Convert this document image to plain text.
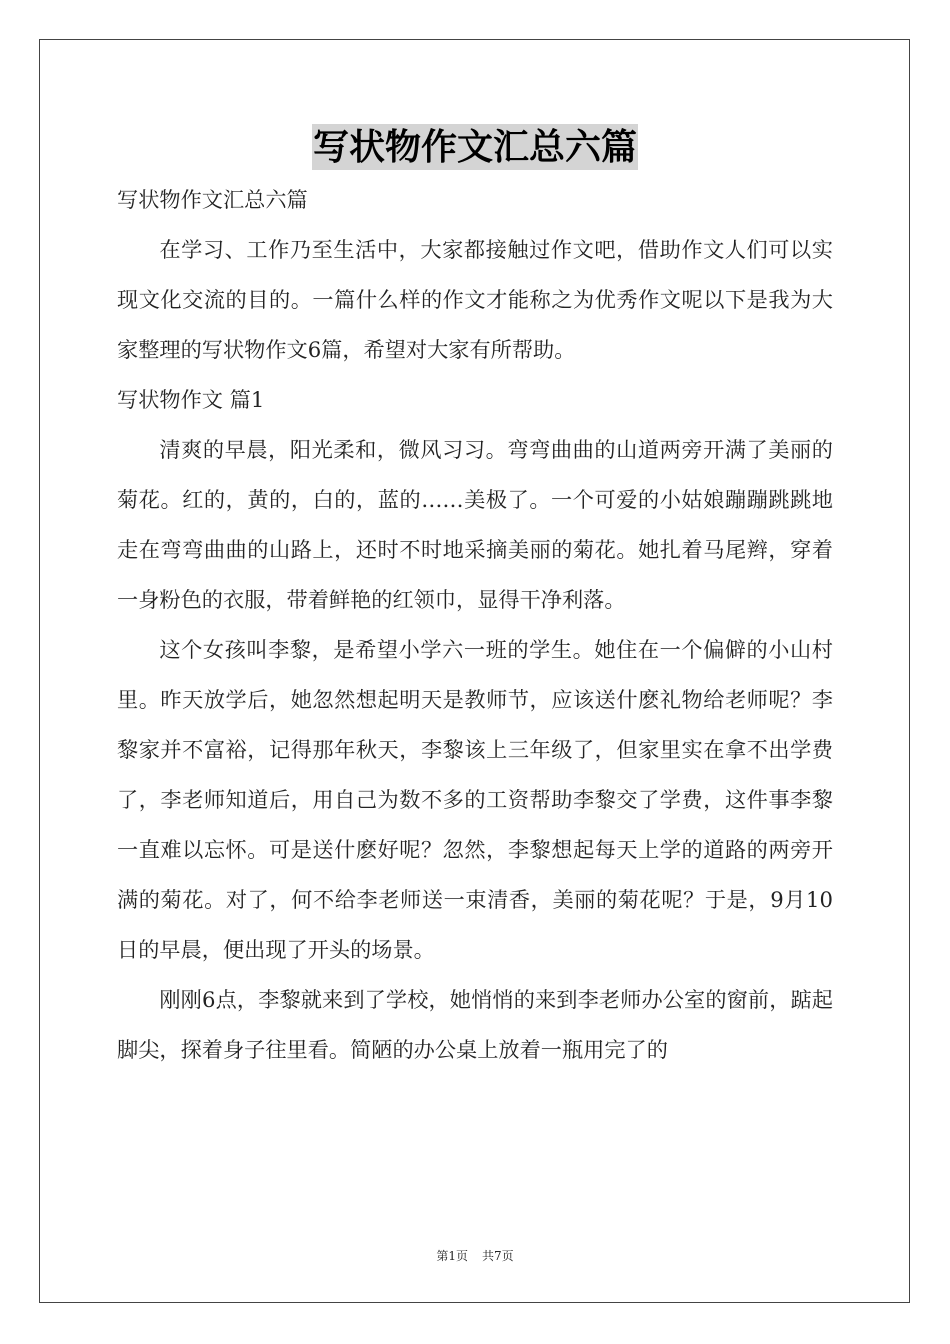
写状物作文汇总六篇

写状物作文汇总六篇

在学习、工作乃至生活中，大家都接触过作文吧，借助作文人们可以实现文化交流的目的。一篇什么样的作文才能称之为优秀作文呢以下是我为大家整理的写状物作文6篇，希望对大家有所帮助。

写状物作文 篇1

清爽的早晨，阳光柔和，微风习习。弯弯曲曲的山道两旁开满了美丽的菊花。红的，黄的，白的，蓝的……美极了。一个可爱的小姑娘蹦蹦跳跳地走在弯弯曲曲的山路上，还时不时地采摘美丽的菊花。她扎着马尾辫，穿着一身粉色的衣服，带着鲜艳的红领巾，显得干净利落。

这个女孩叫李黎，是希望小学六一班的学生。她住在一个偏僻的小山村里。昨天放学后，她忽然想起明天是教师节，应该送什麽礼物给老师呢？李黎家并不富裕，记得那年秋天，李黎该上三年级了，但家里实在拿不出学费了，李老师知道后，用自己为数不多的工资帮助李黎交了学费，这件事李黎一直难以忘怀。可是送什麽好呢？忽然，李黎想起每天上学的道路的两旁开满的菊花。对了，何不给李老师送一束清香，美丽的菊花呢？于是，9月10日的早晨，便出现了开头的场景。

刚刚6点，李黎就来到了学校，她悄悄的来到李老师办公室的窗前，踮起脚尖，探着身子往里看。简陋的办公桌上放着一瓶用完了的

第1页 共7页
